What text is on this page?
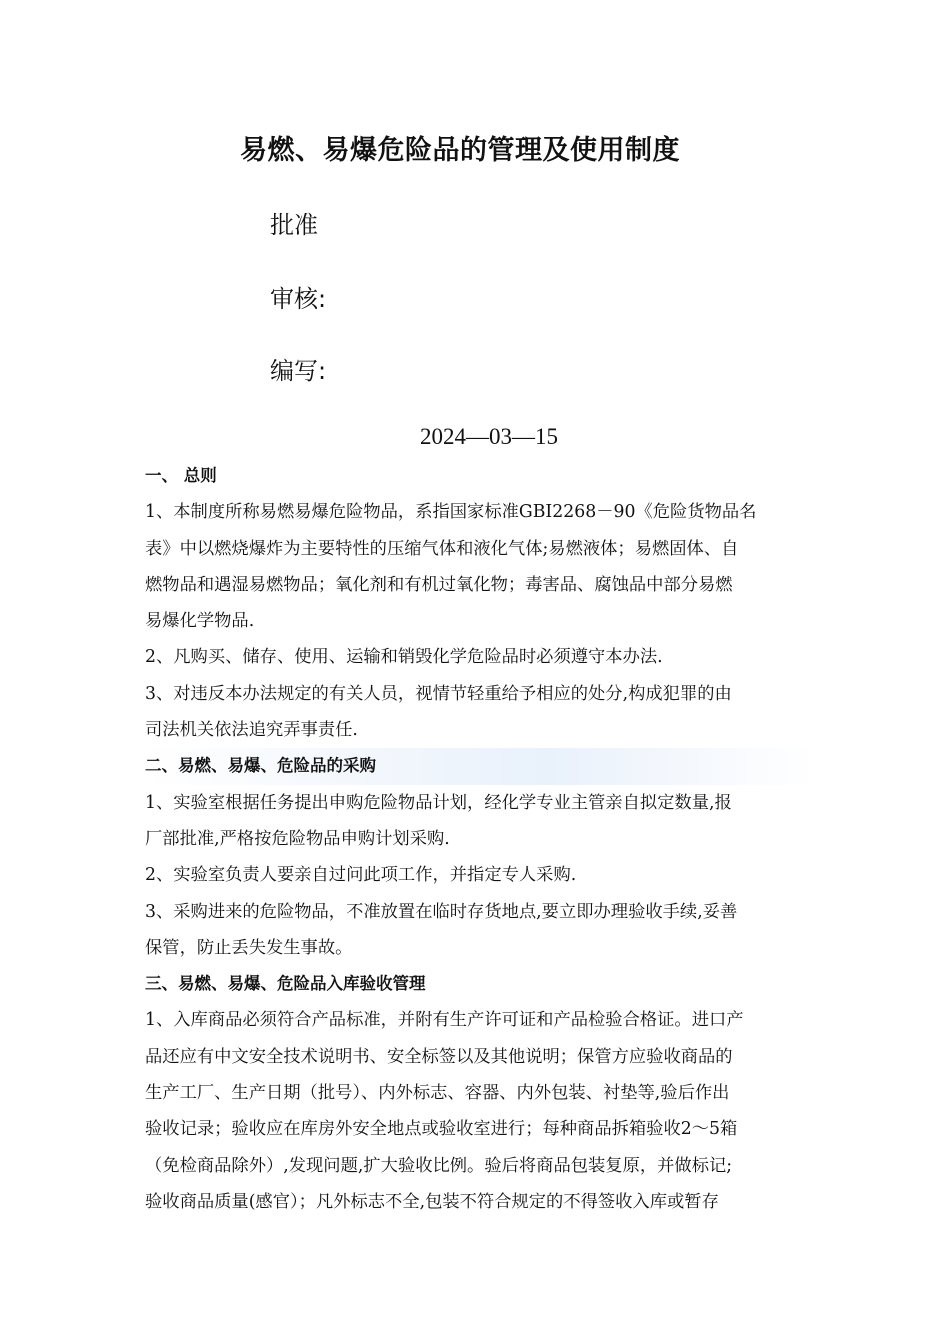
易燃、易爆危险品的管理及使用制度
批准
审核:
编写:
2024—03—15
一、 总则
1、本制度所称易燃易爆危险物品，系指国家标准GBI2268－90《危险货物品名
表》中以燃烧爆炸为主要特性的压缩气体和液化气体;易燃液体；易燃固体、自
燃物品和遇湿易燃物品；氧化剂和有机过氧化物；毒害品、腐蚀品中部分易燃
易爆化学物品.
2、凡购买、储存、使用、运输和销毁化学危险品时必须遵守本办法.
3、对违反本办法规定的有关人员，视情节轻重给予相应的处分,构成犯罪的由
司法机关依法追究弄事责任.
二、易燃、易爆、危险品的采购
1、实验室根据任务提出申购危险物品计划，经化学专业主管亲自拟定数量,报
厂部批准,严格按危险物品申购计划采购.
2、实验室负责人要亲自过问此项工作，并指定专人采购.
3、采购进来的危险物品，不准放置在临时存货地点,要立即办理验收手续,妥善
保管，防止丢失发生事故。
三、易燃、易爆、危险品入库验收管理
1、入库商品必须符合产品标准，并附有生产许可证和产品检验合格证。进口产
品还应有中文安全技术说明书、安全标签以及其他说明；保管方应验收商品的
生产工厂、生产日期（批号）、内外标志、容器、内外包装、衬垫等,验后作出
验收记录；验收应在库房外安全地点或验收室进行；每种商品拆箱验收2～5箱
（免检商品除外）,发现问题,扩大验收比例。验后将商品包装复原，并做标记;
验收商品质量(感官）；凡外标志不全,包装不符合规定的不得签收入库或暂存
